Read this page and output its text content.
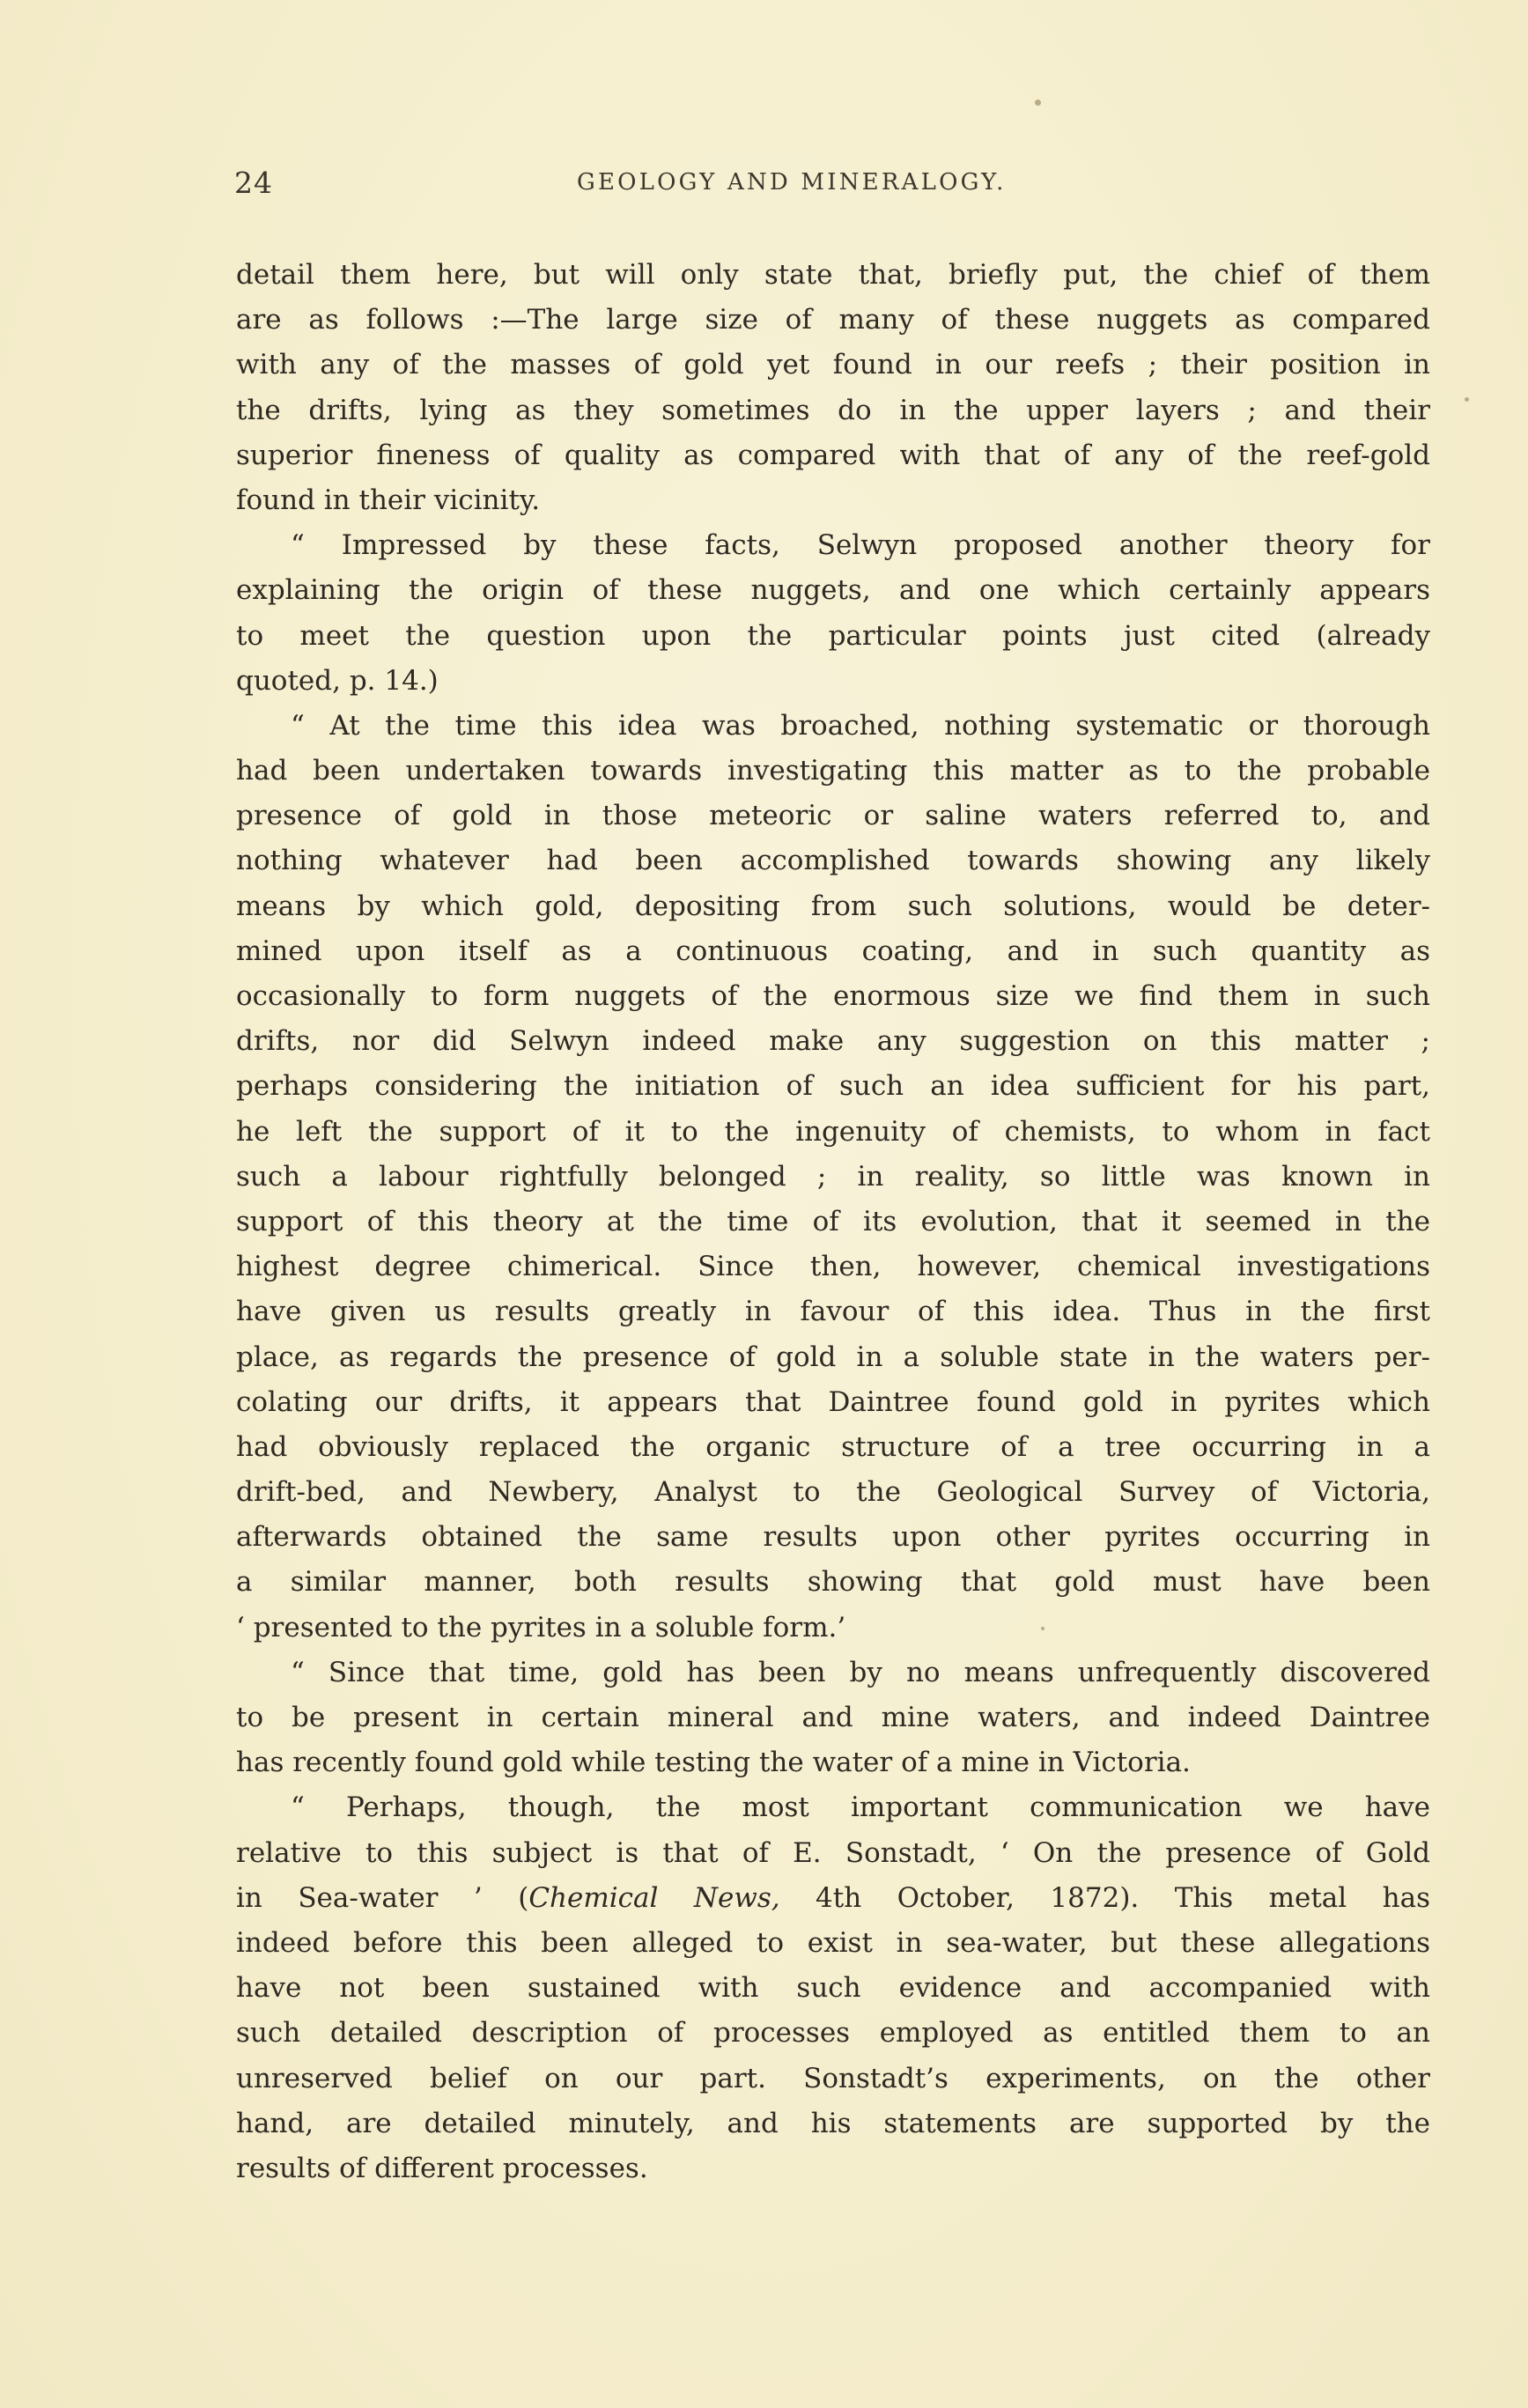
24	GEOLOGY AND MINERALOGY.
detail them here, but will only state that, briefly put, the chief of them
are as follows :—The large size of many of these nuggets as compared
with any of the masses of gold yet found in our reefs ; their position in
the drifts, lying as they sometimes do in the upper layers ; and their
superior fineness of quality as compared with that of any of the reef-gold
found in their vicinity.
“ Impressed by these facts, Selwyn proposed another theory for
explaining the origin of these nuggets, and one which certainly appears
to meet the question upon the particular points just cited (already
quoted, p. 14.)
“ At the time this idea was broached, nothing systematic or thorough
had been undertaken towards investigating this matter as to the probable
presence of gold in those meteoric or saline waters referred to, and
nothing whatever had been accomplished towards showing any likely
means by which gold, depositing from such solutions, would be deter-
mined upon itself as a continuous coating, and in such quantity as
occasionally to form nuggets of the enormous size we find them in such
drifts, nor did Selwyn indeed make any suggestion on this matter ;
perhaps considering the initiation of such an idea sufficient for his part,
he left the support of it to the ingenuity of chemists, to whom in fact
such a labour rightfully belonged ; in reality, so little was known in
support of this theory at the time of its evolution, that it seemed in the
highest degree chimerical. Since then, however, chemical investigations
have given us results greatly in favour of this idea. Thus in the first
place, as regards the presence of gold in a soluble state in the waters per-
colating our drifts, it appears that Daintree found gold in pyrites which
had obviously replaced the organic structure of a tree occurring in a
drift-bed, and Newbery, Analyst to the Geological Survey of Victoria,
afterwards obtained the same results upon other pyrites occurring in
a similar manner, both results showing that gold must have been
‘ presented to the pyrites in a soluble form.’
“ Since that time, gold has been by no means unfrequently discovered
to be present in certain mineral and mine waters, and indeed Daintree
has recently found gold while testing the water of a mine in Victoria.
“ Perhaps, though, the most important communication we have
relative to this subject is that of E. Sonstadt, ‘ On the presence of Gold
in Sea-water ’ (Chemical News, 4th October, 1872). This metal has
indeed before this been alleged to exist in sea-water, but these allegations
have not been sustained with such evidence and accompanied with
such detailed description of processes employed as entitled them to an
unreserved belief on our part. Sonstadt’s experiments, on the other
hand, are detailed minutely, and his statements are supported by the
results of different processes.
